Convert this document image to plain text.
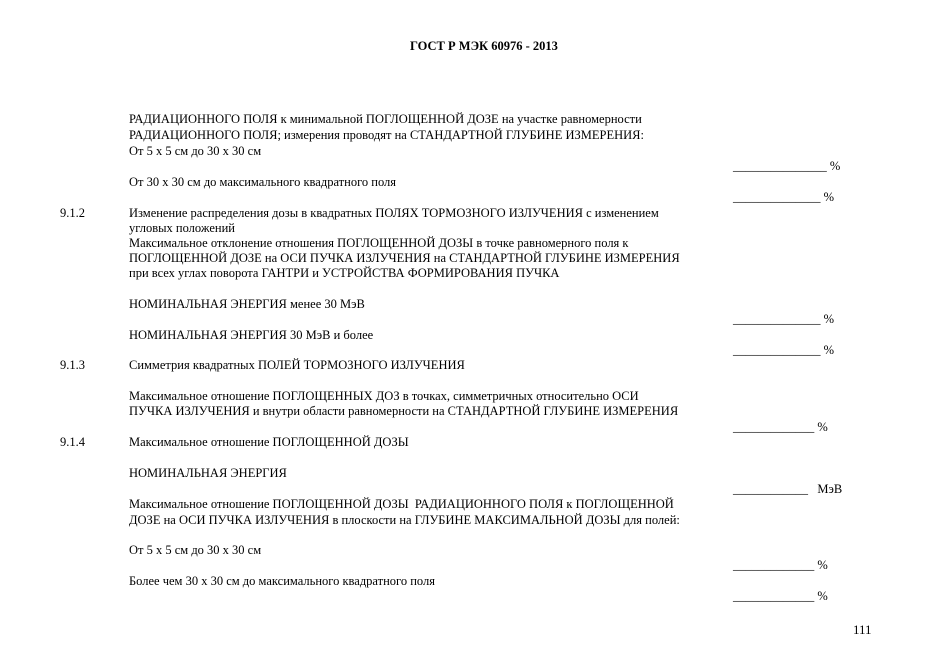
ГОСТ Р МЭК 60976 - 2013
РАДИАЦИОННОГО ПОЛЯ к минимальной ПОГЛОЩЕННОЙ ДОЗЕ на участке равномерности
РАДИАЦИОННОГО ПОЛЯ; измерения проводят на СТАНДАРТНОЙ ГЛУБИНЕ ИЗМЕРЕНИЯ:
От 5 х 5 см до 30 х 30 см
_______________ %
От 30 х 30 см до максимального квадратного поля
______________ %
9.1.2	Изменение распределения дозы в квадратных ПОЛЯХ ТОРМОЗНОГО ИЗЛУЧЕНИЯ с изменением
угловых положений
Максимальное отклонение отношения ПОГЛОЩЕННОЙ ДОЗЫ в точке равномерного поля к
ПОГЛОЩЕННОЙ ДОЗЕ на ОСИ ПУЧКА ИЗЛУЧЕНИЯ на СТАНДАРТНОЙ ГЛУБИНЕ ИЗМЕРЕНИЯ
при всех углах поворота ГАНТРИ и УСТРОЙСТВА ФОРМИРОВАНИЯ ПУЧКА
НОМИНАЛЬНАЯ ЭНЕРГИЯ менее 30 МэВ
______________ %
НОМИНАЛЬНАЯ ЭНЕРГИЯ 30 МэВ и более
______________ %
9.1.3	Симметрия квадратных ПОЛЕЙ ТОРМОЗНОГО ИЗЛУЧЕНИЯ
Максимальное отношение ПОГЛОЩЕННЫХ ДОЗ в точках, симметричных относительно ОСИ
ПУЧКА ИЗЛУЧЕНИЯ и внутри области равномерности на СТАНДАРТНОЙ ГЛУБИНЕ ИЗМЕРЕНИЯ
_____________ %
9.1.4	Максимальное отношение ПОГЛОЩЕННОЙ ДОЗЫ
НОМИНАЛЬНАЯ ЭНЕРГИЯ
____________   МэВ
Максимальное отношение ПОГЛОЩЕННОЙ ДОЗЫ  РАДИАЦИОННОГО ПОЛЯ к ПОГЛОЩЕННОЙ
ДОЗЕ на ОСИ ПУЧКА ИЗЛУЧЕНИЯ в плоскости на ГЛУБИНЕ МАКСИМАЛЬНОЙ ДОЗЫ для полей:
От 5 х 5 см до 30 х 30 см
_____________ %
Более чем 30 х 30 см до максимального квадратного поля
_____________ %
111
